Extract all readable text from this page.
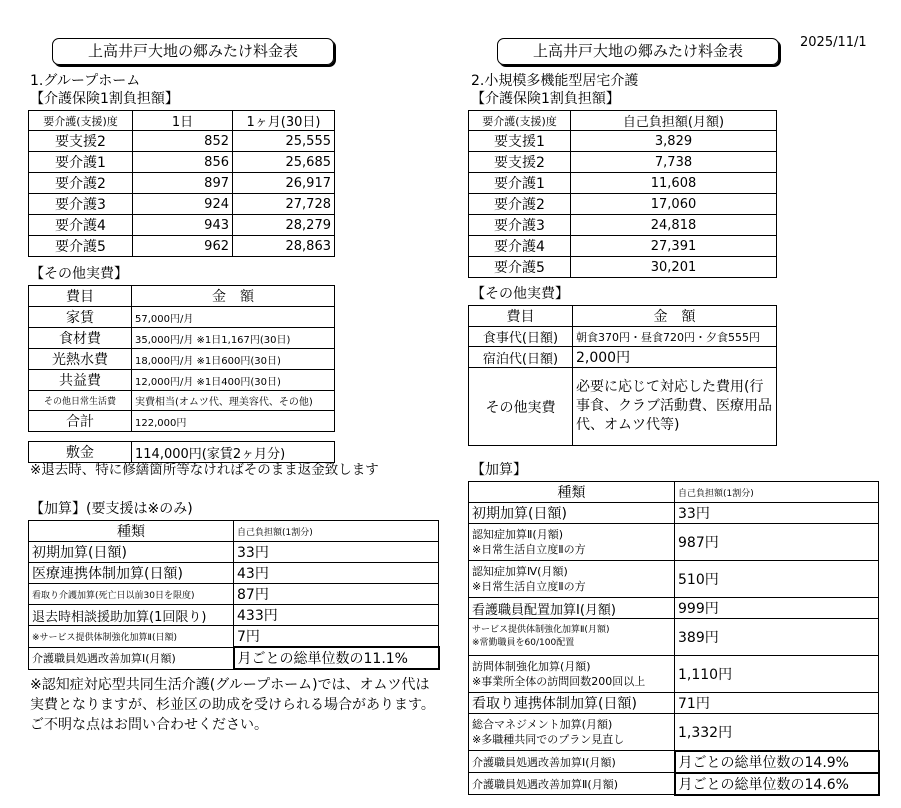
2025/11/1
上高井戸大地の郷みたけ料金表
1.グループホーム
【介護保険1割負担額】
要介護(支援)度	1日	1ヶ月(30日)
要支援2	852	25,555
要介護1	856	25,685
要介護2	897	26,917
要介護3	924	27,728
要介護4	943	28,279
要介護5	962	28,863
【その他実費】
費目	金　額
家賃	57,000円/月
食材費	35,000円/月 ※1日1,167円(30日)
光熱水費	18,000円/月 ※1日600円(30日)
共益費	12,000円/月 ※1日400円(30日)
その他日常生活費	実費相当(オムツ代、理美容代、その他)
合計	122,000円
敷金	114,000円(家賃2ヶ月分)
※退去時、特に修繕箇所等なければそのまま返金致します
【加算】(要支援は※のみ)
種類	自己負担額(1割分)
初期加算(日額)	33円
医療連携体制加算(日額)	43円
看取り介護加算(死亡日以前30日を限度)	87円
退去時相談援助加算(1回限り)	433円
※サービス提供体制強化加算Ⅱ(日額)	7円
介護職員処遇改善加算Ⅰ(月額)	月ごとの総単位数の11.1%
※認知症対応型共同生活介護(グループホーム)では、オムツ代は実費となりますが、杉並区の助成を受けられる場合があります。ご不明な点はお問い合わせください。
上高井戸大地の郷みたけ料金表
2.小規模多機能型居宅介護
【介護保険1割負担額】
要介護(支援)度	自己負担額(月額)
要支援1	3,829
要支援2	7,738
要介護1	11,608
要介護2	17,060
要介護3	24,818
要介護4	27,391
要介護5	30,201
【その他実費】
費目	金　額
食事代(日額)	朝食370円・昼食720円・夕食555円
宿泊代(日額)	2,000円
その他実費	必要に応じて対応した費用(行事食、クラブ活動費、医療用品代、オムツ代等)
【加算】
種類	自己負担額(1割分)
初期加算(日額)	33円

認知症加算Ⅱ(月額)
※日常生活自立度Ⅱの方	987円

認知症加算Ⅳ(月額)
※日常生活自立度Ⅱの方	510円
看護職員配置加算Ⅰ(月額)	999円

サービス提供体制強化加算Ⅱ(月額)
※常勤職員を60/100配置	389円

訪問体制強化加算(月額)
※事業所全体の訪問回数200回以上	1,110円
看取り連携体制加算(日額)	71円

総合マネジメント加算(月額)
※多職種共同でのプラン見直し	1,332円
介護職員処遇改善加算Ⅰ(月額)	月ごとの総単位数の14.9%
介護職員処遇改善加算Ⅱ(月額)	月ごとの総単位数の14.6%
